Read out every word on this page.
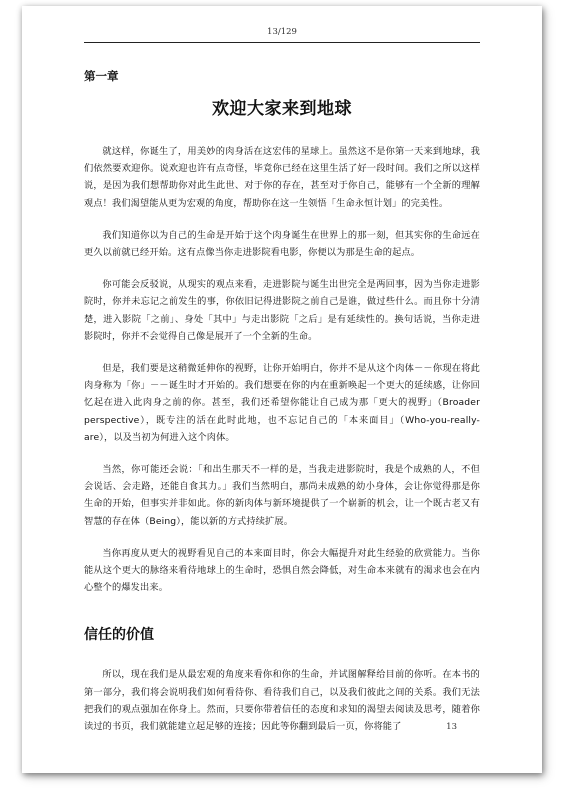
13/129
第一章
欢迎大家来到地球

就这样，你诞生了，用美妙的肉身活在这宏伟的星球上。虽然这不是你第一天来到地球，我们依然要欢迎你。说欢迎也许有点奇怪，毕竟你已经在这里生活了好一段时间。我们之所以这样说，是因为我们想帮助你对此生此世、对于你的存在，甚至对于你自己，能够有一个全新的理解观点！我们渴望能从更为宏观的角度，帮助你在这一生领悟「生命永恒计划」的完美性。

我们知道你以为自己的生命是开始于这个肉身诞生在世界上的那一刻，但其实你的生命远在更久以前就已经开始。这有点像当你走进影院看电影，你便以为那是生命的起点。

你可能会反驳说，从现实的观点来看，走进影院与诞生出世完全是两回事，因为当你走进影院时，你并未忘记之前发生的事，你依旧记得进影院之前自己是谁，做过些什么。而且你十分清楚，进入影院「之前」、身处「其中」与走出影院「之后」是有延续性的。换句话说，当你走进影院时，你并不会觉得自己像是展开了一个全新的生命。

但是，我们要是这稍微延伸你的视野，让你开始明白，你并不是从这个肉体－－你现在将此肉身称为「你」－－诞生时才开始的。我们想要在你的内在重新唤起一个更大的延续感，让你回忆起在进入此肉身之前的你。甚至，我们还希望你能让自己成为那「更大的视野」（Broader perspective），既专注的活在此时此地，也不忘记自己的「本来面目」（Who-you-really-are），以及当初为何进入这个肉体。

当然，你可能还会说：「和出生那天不一样的是，当我走进影院时，我是个成熟的人，不但会说话、会走路，还能自食其力。」我们当然明白，那尚未成熟的幼小身体，会让你觉得那是你生命的开始，但事实并非如此。你的新肉体与新环境提供了一个崭新的机会，让一个既古老又有智慧的存在体（Being），能以新的方式持续扩展。

当你再度从更大的视野看见自己的本来面目时，你会大幅提升对此生经验的欣赏能力。当你能从这个更大的脉络来看待地球上的生命时，恐惧自然会降低，对生命本来就有的渴求也会在内心整个的爆发出来。

信任的价值

所以，现在我们是从最宏观的角度来看你和你的生命，并试图解释给目前的你听。在本书的第一部分，我们将会说明我们如何看待你、看待我们自己，以及我们彼此之间的关系。我们无法把我们的观点强加在你身上。然而，只要你带着信任的态度和求知的渴望去阅读及思考，随着你读过的书页，我们就能建立起足够的连接；因此等你翻到最后一页，你将能了	13
